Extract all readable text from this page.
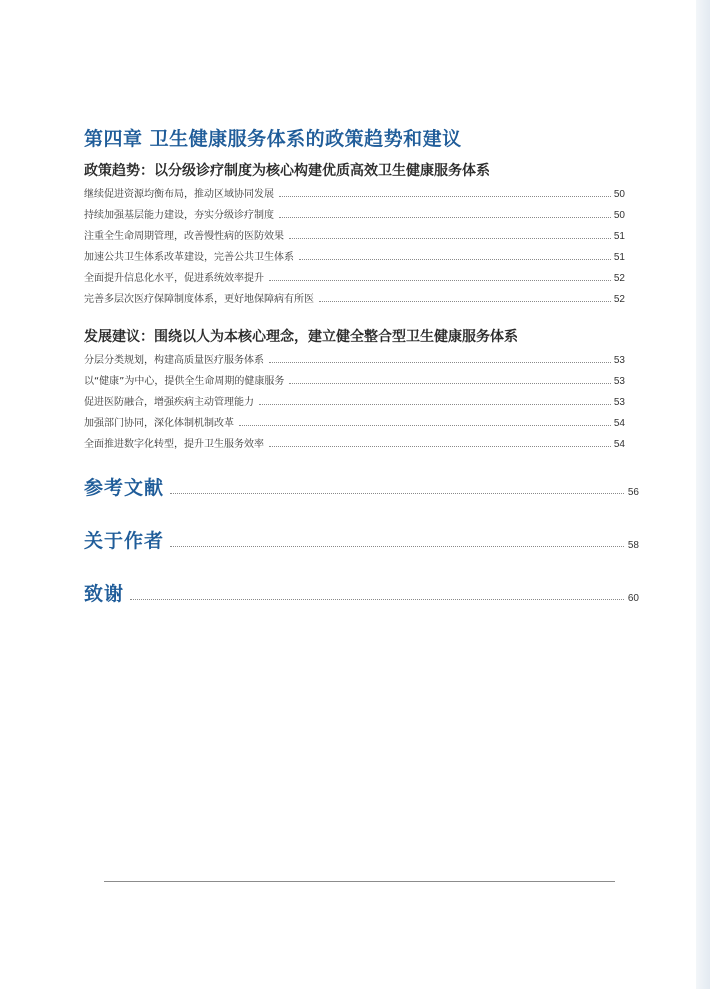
第四章 卫生健康服务体系的政策趋势和建议
政策趋势：以分级诊疗制度为核心构建优质高效卫生健康服务体系
继续促进资源均衡布局，推动区域协同发展	50
持续加强基层能力建设，夯实分级诊疗制度	50
注重全生命周期管理，改善慢性病的医防效果	51
加速公共卫生体系改革建设，完善公共卫生体系	51
全面提升信息化水平，促进系统效率提升	52
完善多层次医疗保障制度体系，更好地保障病有所医	52
发展建议：围绕以人为本核心理念，建立健全整合型卫生健康服务体系
分层分类规划，构建高质量医疗服务体系	53
以“健康”为中心，提供全生命周期的健康服务	53
促进医防融合，增强疾病主动管理能力	53
加强部门协同，深化体制机制改革	54
全面推进数字化转型，提升卫生服务效率	54
参考文献	56
关于作者	58
致谢	60
